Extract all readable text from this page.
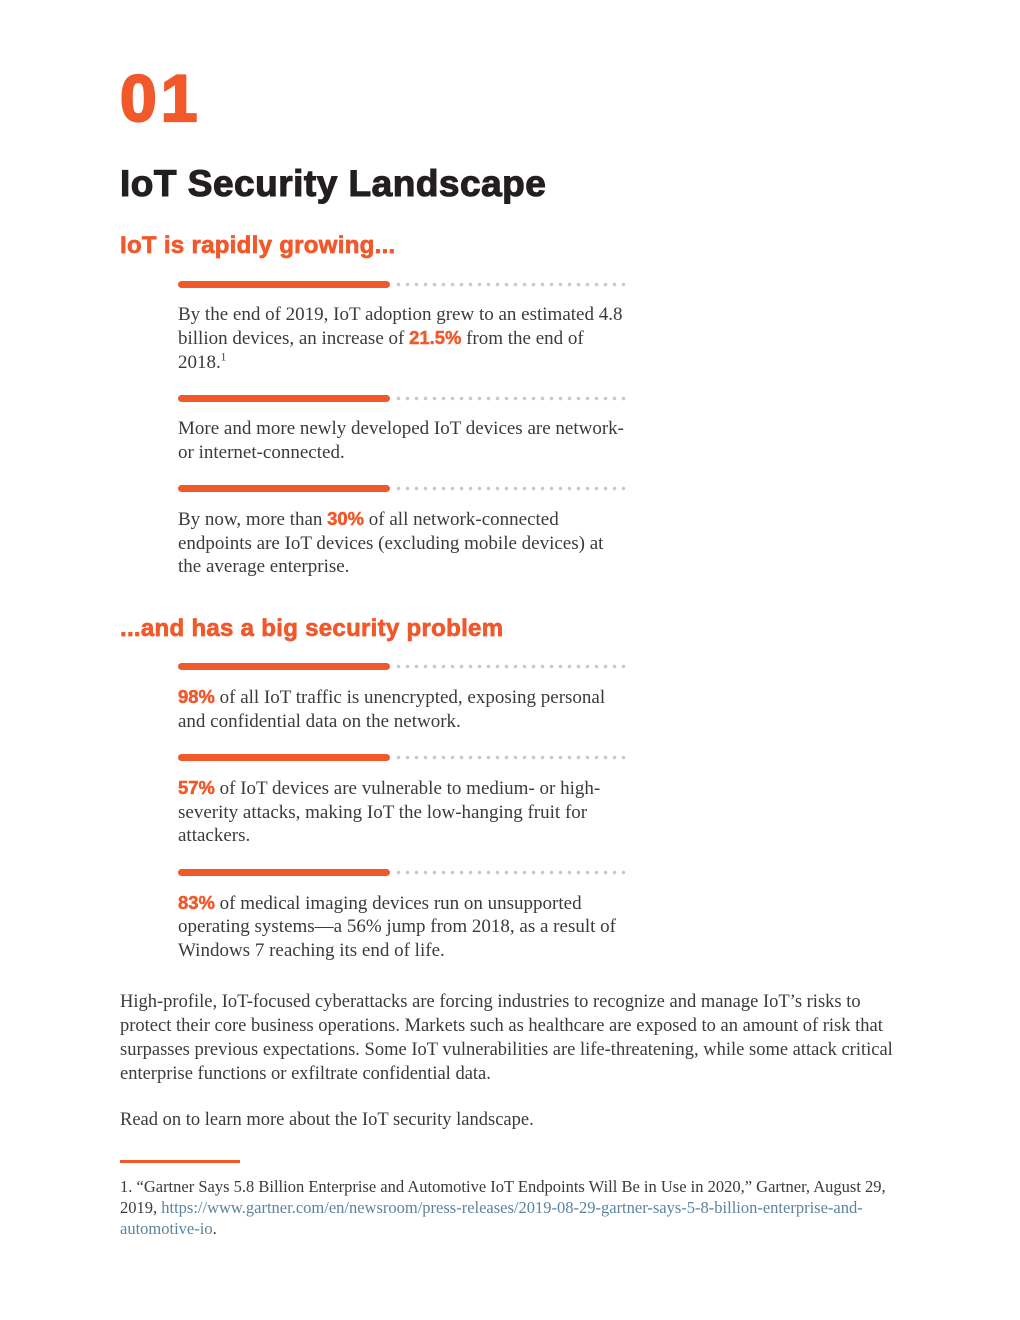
01
IoT Security Landscape
IoT is rapidly growing...

By the end of 2019, IoT adoption grew to an estimated 4.8 billion devices, an increase of 21.5% from the end of 2018.$^1$

More and more newly developed IoT devices are network- or internet-connected.

By now, more than 30% of all network-connected endpoints are IoT devices (excluding mobile devices) at the average enterprise.

...and has a big security problem

98% of all IoT traffic is unencrypted, exposing personal and confidential data on the network.

57% of IoT devices are vulnerable to medium- or high-severity attacks, making IoT the low-hanging fruit for attackers.

83% of medical imaging devices run on unsupported operating systems—a 56% jump from 2018, as a result of Windows 7 reaching its end of life.

High-profile, IoT-focused cyberattacks are forcing industries to recognize and manage IoT’s risks to protect their core business operations. Markets such as healthcare are exposed to an amount of risk that surpasses previous expectations. Some IoT vulnerabilities are life-threatening, while some attack critical enterprise functions or exfiltrate confidential data.

Read on to learn more about the IoT security landscape.

1. “Gartner Says 5.8 Billion Enterprise and Automotive IoT Endpoints Will Be in Use in 2020,” Gartner, August 29, 2019, https://www.gartner.com/en/newsroom/press-releases/2019-08-29-gartner-says-5-8-billion-enterprise-and-automotive-io.
